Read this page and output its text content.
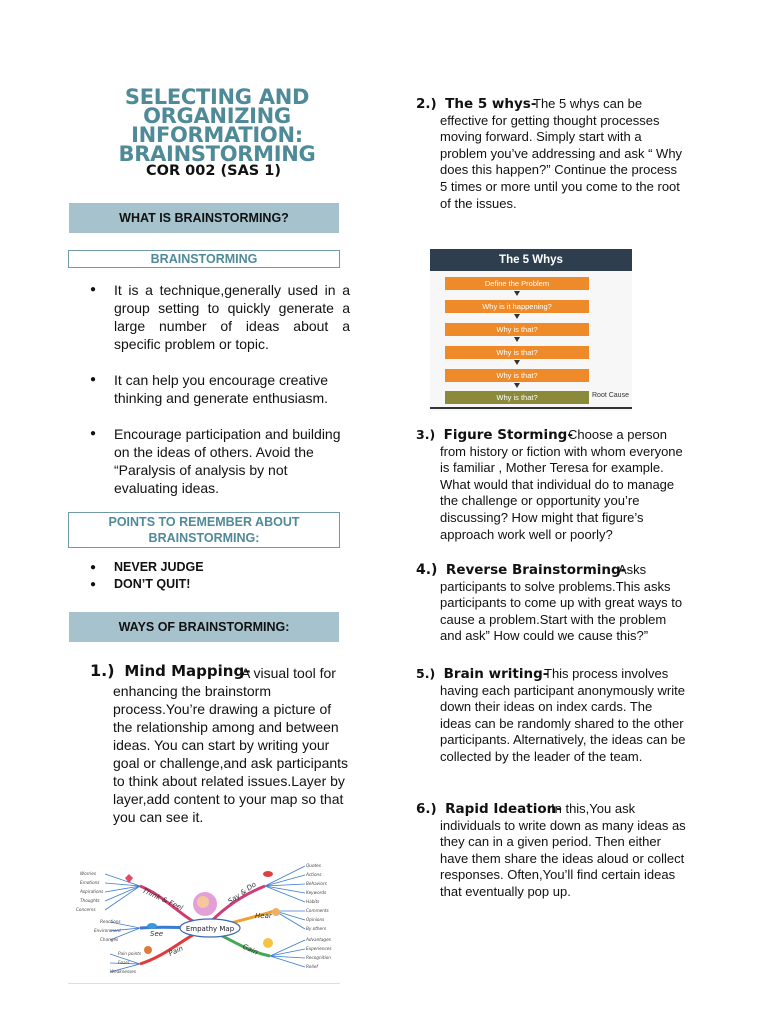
SELECTING AND ORGANIZING INFORMATION: BRAINSTORMING
COR 002 (SAS 1)
WHAT IS BRAINSTORMING?
BRAINSTORMING
● It is a technique,generally used in a group setting to quickly generate a large number of ideas about a specific problem or topic.
● It can help you encourage creative thinking and generate enthusiasm.
● Encourage participation and building on the ideas of others. Avoid the “Paralysis of analysis by not evaluating ideas.
POINTS TO REMEMBER ABOUT BRAINSTORMING:
● NEVER JUDGE
● DON’T QUIT!
WAYS OF BRAINSTORMING:
1.) Mind Mapping-
A visual tool for enhancing the brainstorm process.You’re drawing a picture of the relationship among and between ideas. You can start by writing your goal or challenge,and ask participants to think about related issues.Layer by layer,add content to your map so that you can see it.
Empathy Map
Think & Feel	Say & Do
Hear
Gain
Pain
See
Worries
Emotions
Aspirations
Thoughts
Concerns
Reactions
Environment
Changes
Pain points
Fears
Weaknesses
Quotes
Actions
Behaviors
Keywords
Habits
Comments
Opinions
By others
Advantages
Experiences
Recognition
Relief
2.) The 5 whys-
The 5 whys can be effective for getting thought processes moving forward. Simply start with a problem you’ve addressing and ask “ Why does this happen?” Continue the process 5 times or more until you come to the root of the issues.
The 5 Whys
Define the Problem
Why is it happening?
Why is that?
Why is that?
Why is that?
Why is that?	Root Cause
3.) Figure Storming-
Choose a person from history or fiction with whom everyone is familiar , Mother Teresa for example. What would that individual do to manage the challenge or opportunity you’re discussing? How might that figure’s approach work well or poorly?
4.) Reverse Brainstorming-
Asks participants to solve problems.This asks participants to come up with great ways to cause a problem.Start with the problem and ask” How could we cause this?”
5.) Brain writing-
This process involves having each participant anonymously write down their ideas on index cards. The ideas can be randomly shared to the other participants. Alternatively, the ideas can be collected by the leader of the team.
6.) Rapid Ideation-
In this,You ask individuals to write down as many ideas as they can in a given period. Then either have them share the ideas aloud or collect responses. Often,You’ll find certain ideas that eventually pop up.
